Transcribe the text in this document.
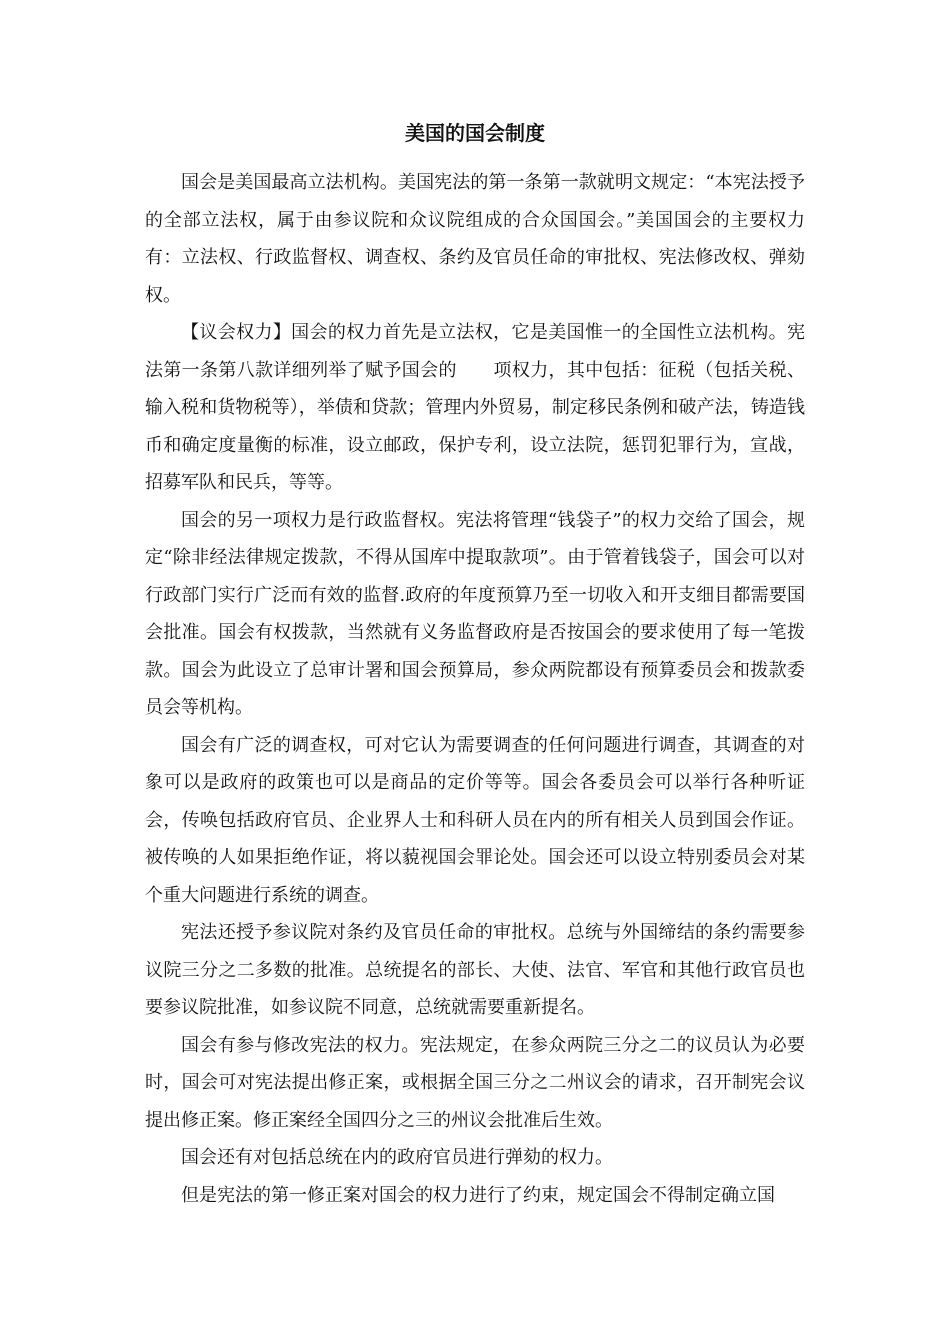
美国的国会制度

国会是美国最高立法机构。美国宪法的第一条第一款就明文规定：“本宪法授予的全部立法权，属于由参议院和众议院组成的合众国国会。”美国国会的主要权力有：立法权、行政监督权、调查权、条约及官员任命的审批权、宪法修改权、弹劾权。

【议会权力】国会的权力首先是立法权，它是美国惟一的全国性立法机构。宪法第一条第八款详细列举了赋予国会的　　项权力，其中包括：征税（包括关税、输入税和货物税等），举债和贷款；管理内外贸易，制定移民条例和破产法，铸造钱币和确定度量衡的标准，设立邮政，保护专利，设立法院，惩罚犯罪行为，宣战，招募军队和民兵，等等。

国会的另一项权力是行政监督权。宪法将管理“钱袋子”的权力交给了国会，规定“除非经法律规定拨款，不得从国库中提取款项”。由于管着钱袋子，国会可以对行政部门实行广泛而有效的监督.政府的年度预算乃至一切收入和开支细目都需要国会批准。国会有权拨款，当然就有义务监督政府是否按国会的要求使用了每一笔拨款。国会为此设立了总审计署和国会预算局，参众两院都设有预算委员会和拨款委员会等机构。

国会有广泛的调查权，可对它认为需要调查的任何问题进行调查，其调查的对象可以是政府的政策也可以是商品的定价等等。国会各委员会可以举行各种听证会，传唤包括政府官员、企业界人士和科研人员在内的所有相关人员到国会作证。被传唤的人如果拒绝作证，将以藐视国会罪论处。国会还可以设立特别委员会对某个重大问题进行系统的调查。

宪法还授予参议院对条约及官员任命的审批权。总统与外国缔结的条约需要参议院三分之二多数的批准。总统提名的部长、大使、法官、军官和其他行政官员也要参议院批准，如参议院不同意，总统就需要重新提名。

国会有参与修改宪法的权力。宪法规定，在参众两院三分之二的议员认为必要时，国会可对宪法提出修正案，或根据全国三分之二州议会的请求，召开制宪会议提出修正案。修正案经全国四分之三的州议会批准后生效。

国会还有对包括总统在内的政府官员进行弹劾的权力。

但是宪法的第一修正案对国会的权力进行了约束，规定国会不得制定确立国
